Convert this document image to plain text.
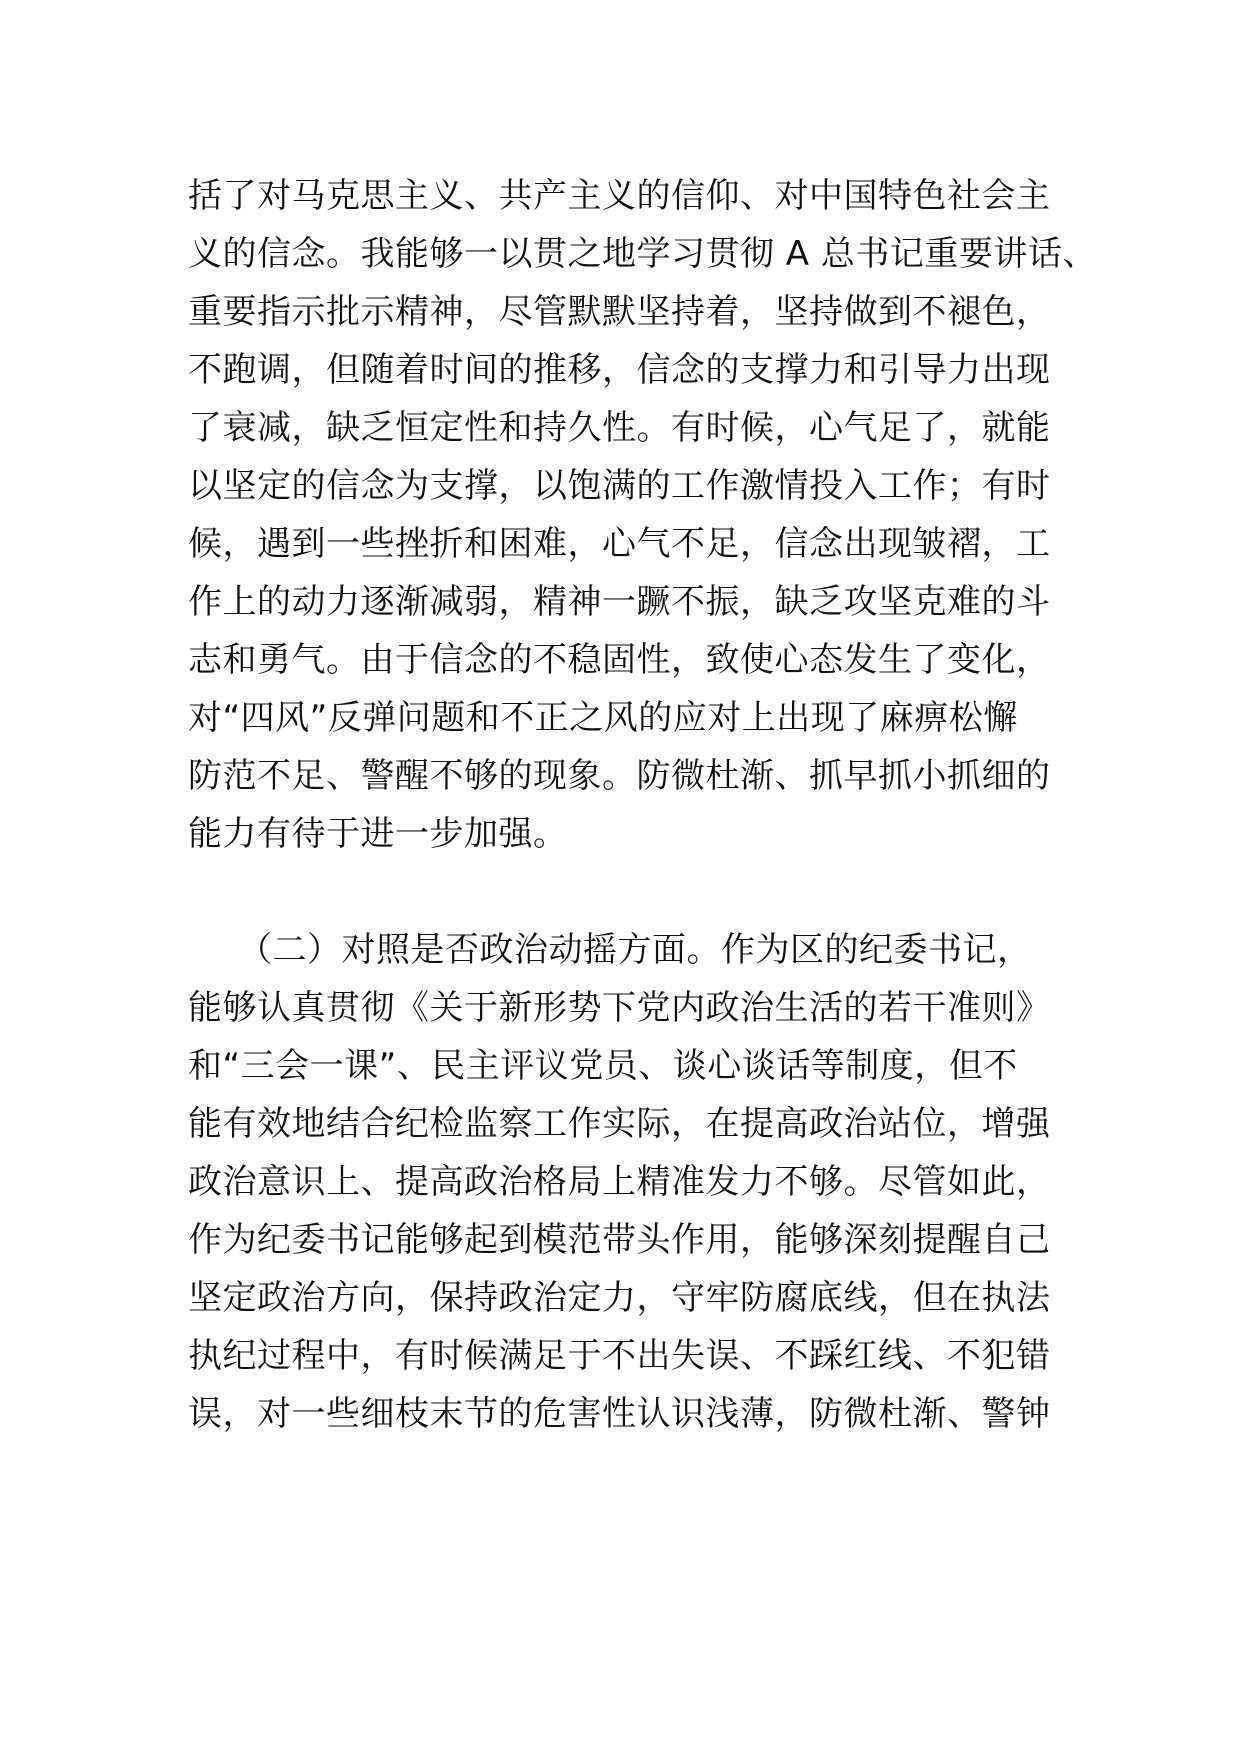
括了对马克思主义、共产主义的信仰、对中国特色社会主
义的信念。我能够一以贯之地学习贯彻 A 总书记重要讲话、
重要指示批示精神，尽管默默坚持着，坚持做到不褪色，
不跑调，但随着时间的推移，信念的支撑力和引导力出现
了衰减，缺乏恒定性和持久性。有时候，心气足了，就能
以坚定的信念为支撑，以饱满的工作激情投入工作；有时
候，遇到一些挫折和困难，心气不足，信念出现皱褶，工
作上的动力逐渐减弱，精神一蹶不振，缺乏攻坚克难的斗
志和勇气。由于信念的不稳固性，致使心态发生了变化，
对“四风”反弹问题和不正之风的应对上出现了麻痹松懈
防范不足、警醒不够的现象。防微杜渐、抓早抓小抓细的
能力有待于进一步加强。
（二）对照是否政治动摇方面。作为区的纪委书记，
能够认真贯彻《关于新形势下党内政治生活的若干准则》
和“三会一课”、民主评议党员、谈心谈话等制度，但不
能有效地结合纪检监察工作实际，在提高政治站位，增强
政治意识上、提高政治格局上精准发力不够。尽管如此，
作为纪委书记能够起到模范带头作用，能够深刻提醒自己
坚定政治方向，保持政治定力，守牢防腐底线，但在执法
执纪过程中，有时候满足于不出失误、不踩红线、不犯错
误，对一些细枝末节的危害性认识浅薄，防微杜渐、警钟
